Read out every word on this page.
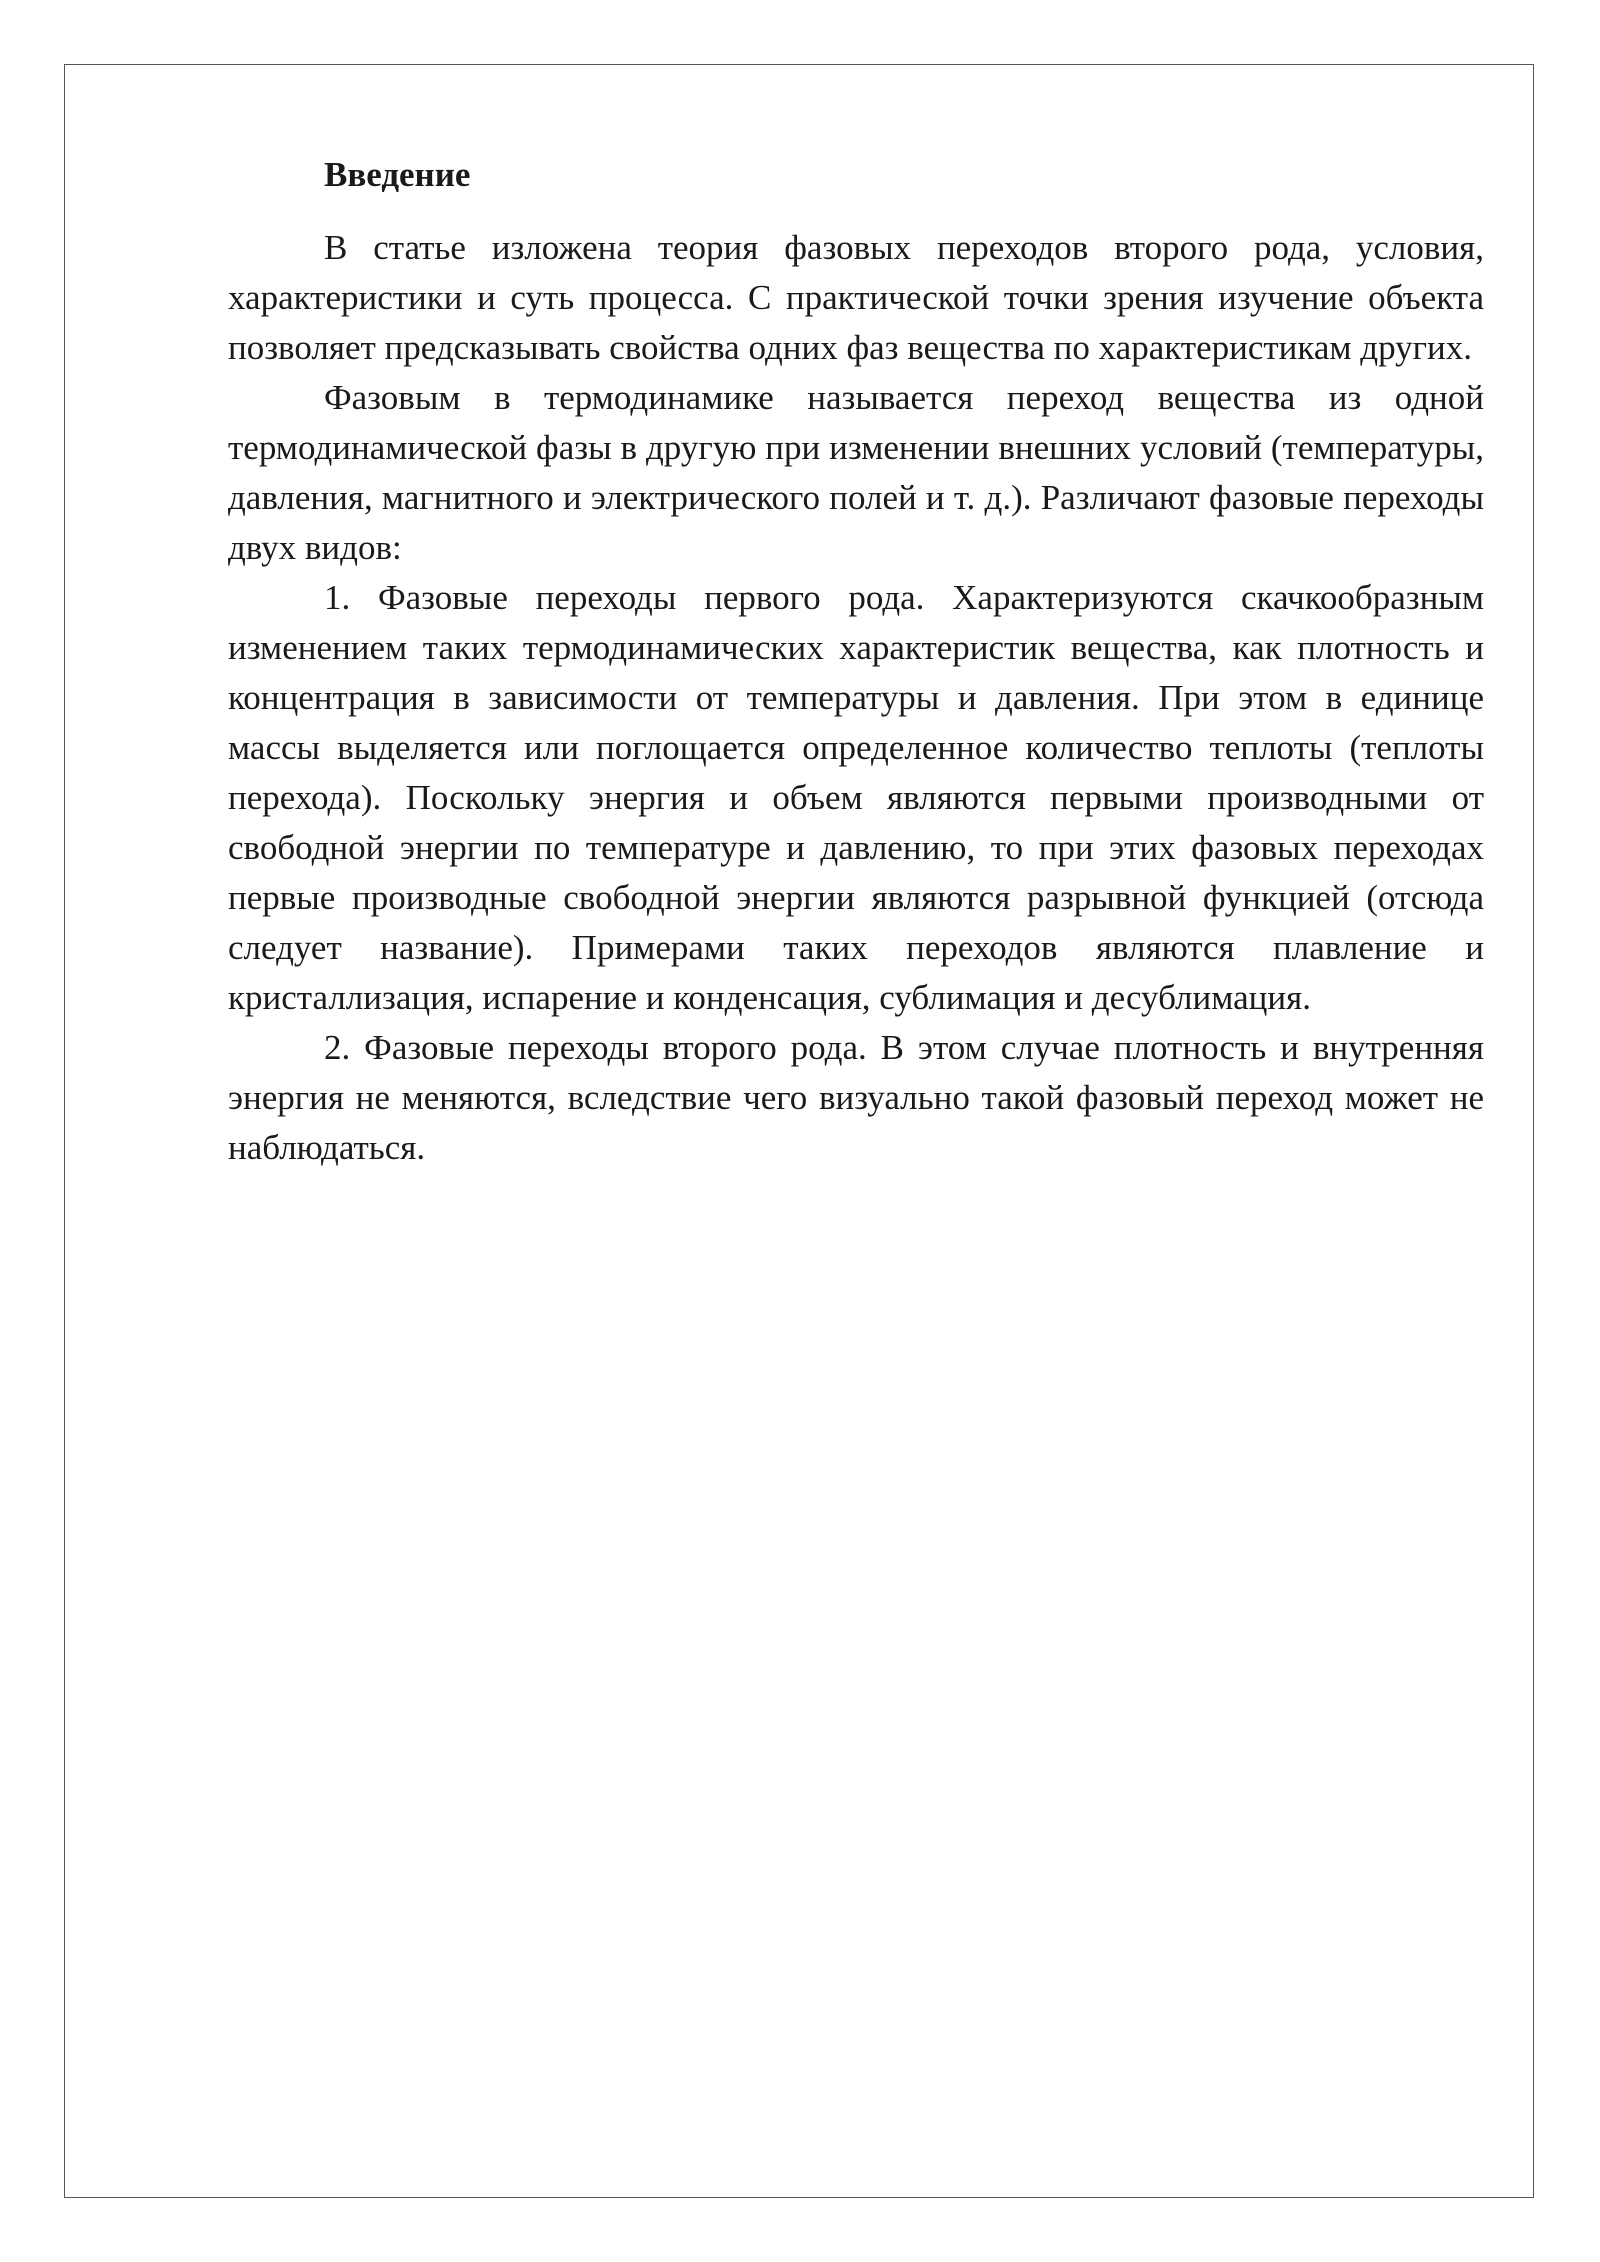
Введение

В статье изложена теория фазовых переходов второго рода, условия, характеристики и суть процесса. С практической точки зрения изучение объекта позволяет предсказывать свойства одних фаз вещества по характеристикам других.

Фазовым в термодинамике называется переход вещества из одной термодинамической фазы в другую при изменении внешних условий (температуры, давления, магнитного и электрического полей и т. д.). Различают фазовые переходы двух видов:

1. Фазовые переходы первого рода. Характеризуются скачкообразным изменением таких термодинамических характеристик вещества, как плотность и концентрация в зависимости от температуры и давления. При этом в единице массы выделяется или поглощается определенное количество теплоты (теплоты перехода). Поскольку энергия и объем являются первыми производными от свободной энергии по температуре и давлению, то при этих фазовых переходах первые производные свободной энергии являются разрывной функцией (отсюда следует название). Примерами таких переходов являются плавление и кристаллизация, испарение и конденсация, сублимация и десублимация.

2. Фазовые переходы второго рода. В этом случае плотность и внутренняя энергия не меняются, вследствие чего визуально такой фазовый переход может не наблюдаться.
